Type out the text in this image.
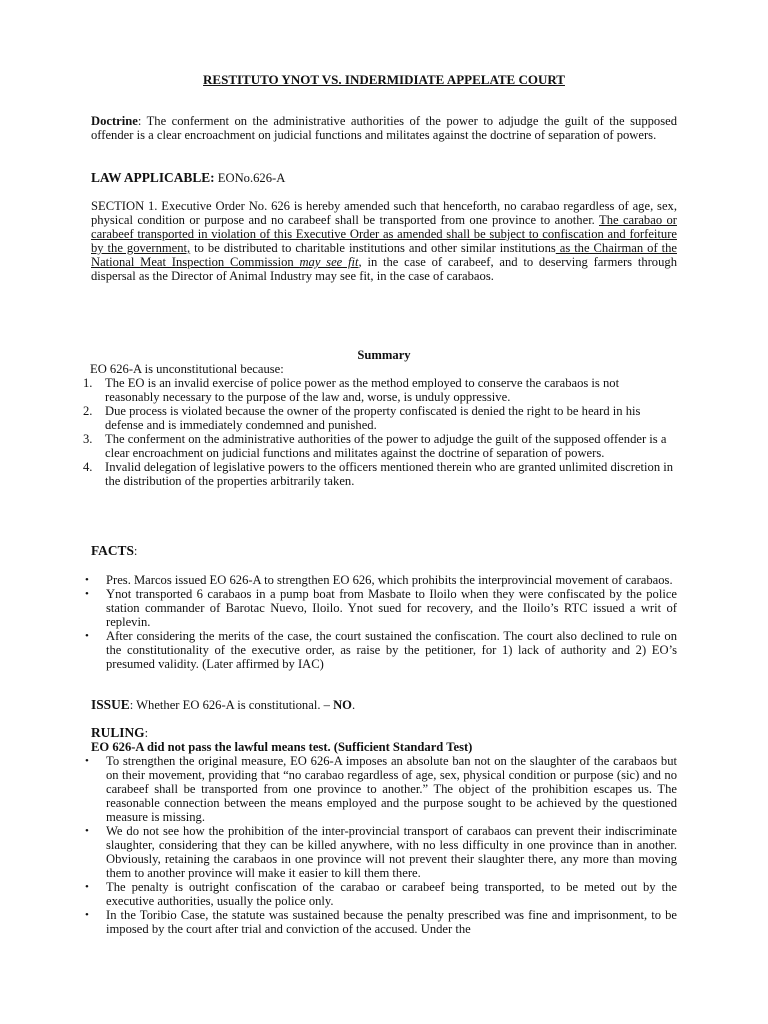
RESTITUTO YNOT VS. INDERMIDIATE APPELATE COURT
Doctrine: The conferment on the administrative authorities of the power to adjudge the guilt of the supposed offender is a clear encroachment on judicial functions and militates against the doctrine of separation of powers.
LAW APPLICABLE: EONo.626-A
SECTION 1. Executive Order No. 626 is hereby amended such that henceforth, no carabao regardless of age, sex, physical condition or purpose and no carabeef shall be transported from one province to another. The carabao or carabeef transported in violation of this Executive Order as amended shall be subject to confiscation and forfeiture by the government, to be distributed to charitable institutions and other similar institutions as the Chairman of the National Meat Inspection Commission may see fit, in the case of carabeef, and to deserving farmers through dispersal as the Director of Animal Industry may see fit, in the case of carabaos.
Summary
EO 626-A is unconstitutional because:
1. The EO is an invalid exercise of police power as the method employed to conserve the carabaos is not reasonably necessary to the purpose of the law and, worse, is unduly oppressive.
2. Due process is violated because the owner of the property confiscated is denied the right to be heard in his defense and is immediately condemned and punished.
3. The conferment on the administrative authorities of the power to adjudge the guilt of the supposed offender is a clear encroachment on judicial functions and militates against the doctrine of separation of powers.
4. Invalid delegation of legislative powers to the officers mentioned therein who are granted unlimited discretion in the distribution of the properties arbitrarily taken.
FACTS:
• Pres. Marcos issued EO 626-A to strengthen EO 626, which prohibits the interprovincial movement of carabaos.
• Ynot transported 6 carabaos in a pump boat from Masbate to Iloilo when they were confiscated by the police station commander of Barotac Nuevo, Iloilo. Ynot sued for recovery, and the Iloilo’s RTC issued a writ of replevin.
• After considering the merits of the case, the court sustained the confiscation. The court also declined to rule on the constitutionality of the executive order, as raise by the petitioner, for 1) lack of authority and 2) EO’s presumed validity. (Later affirmed by IAC)
ISSUE: Whether EO 626-A is constitutional. – NO.
RULING:
EO 626-A did not pass the lawful means test. (Sufficient Standard Test)
• To strengthen the original measure, EO 626-A imposes an absolute ban not on the slaughter of the carabaos but on their movement, providing that “no carabao regardless of age, sex, physical condition or purpose (sic) and no carabeef shall be transported from one province to another.” The object of the prohibition escapes us. The reasonable connection between the means employed and the purpose sought to be achieved by the questioned measure is missing.
• We do not see how the prohibition of the inter-provincial transport of carabaos can prevent their indiscriminate slaughter, considering that they can be killed anywhere, with no less difficulty in one province than in another. Obviously, retaining the carabaos in one province will not prevent their slaughter there, any more than moving them to another province will make it easier to kill them there.
• The penalty is outright confiscation of the carabao or carabeef being transported, to be meted out by the executive authorities, usually the police only.
• In the Toribio Case, the statute was sustained because the penalty prescribed was fine and imprisonment, to be imposed by the court after trial and conviction of the accused. Under the
